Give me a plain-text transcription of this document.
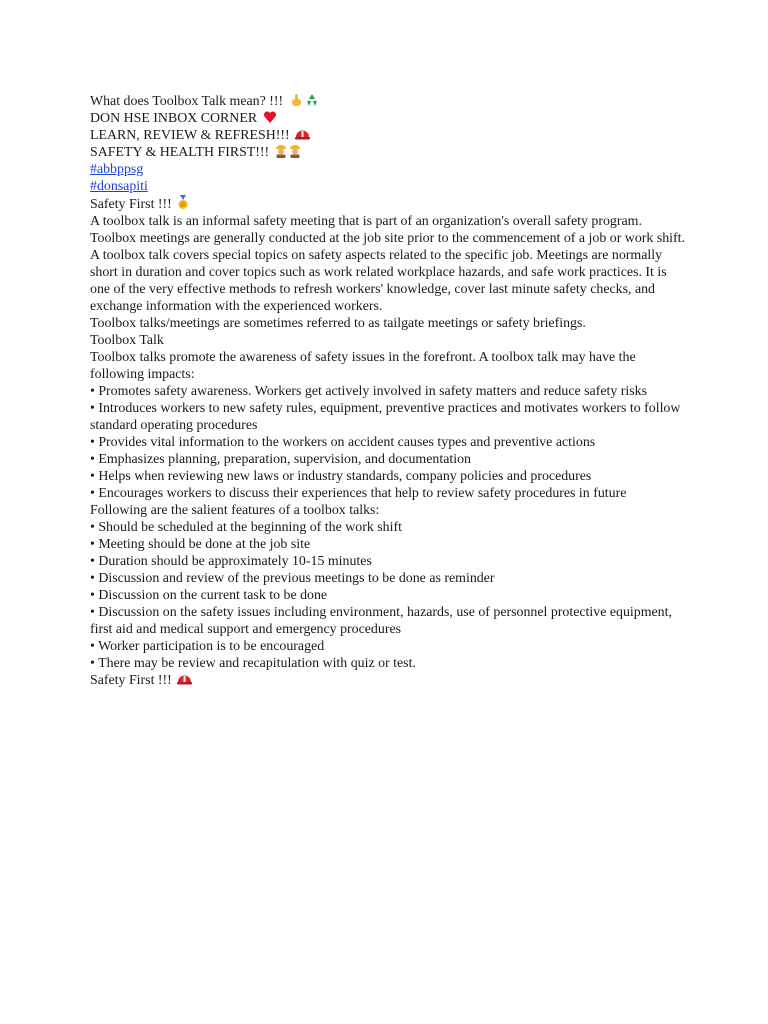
What does Toolbox Talk mean? !!!
DON HSE INBOX CORNER
LEARN, REVIEW & REFRESH!!!
SAFETY & HEALTH FIRST!!!
#abbppsg
#donsapiti
Safety First !!!
A toolbox talk is an informal safety meeting that is part of an organization's overall safety program. Toolbox meetings are generally conducted at the job site prior to the commencement of a job or work shift. A toolbox talk covers special topics on safety aspects related to the specific job. Meetings are normally short in duration and cover topics such as work related workplace hazards, and safe work practices. It is one of the very effective methods to refresh workers' knowledge, cover last minute safety checks, and exchange information with the experienced workers.
Toolbox talks/meetings are sometimes referred to as tailgate meetings or safety briefings.
Toolbox Talk
Toolbox talks promote the awareness of safety issues in the forefront. A toolbox talk may have the following impacts:
• Promotes safety awareness. Workers get actively involved in safety matters and reduce safety risks
• Introduces workers to new safety rules, equipment, preventive practices and motivates workers to follow standard operating procedures
• Provides vital information to the workers on accident causes types and preventive actions
• Emphasizes planning, preparation, supervision, and documentation
• Helps when reviewing new laws or industry standards, company policies and procedures
• Encourages workers to discuss their experiences that help to review safety procedures in future
Following are the salient features of a toolbox talks:
• Should be scheduled at the beginning of the work shift
• Meeting should be done at the job site
• Duration should be approximately 10-15 minutes
• Discussion and review of the previous meetings to be done as reminder
• Discussion on the current task to be done
• Discussion on the safety issues including environment, hazards, use of personnel protective equipment, first aid and medical support and emergency procedures
• Worker participation is to be encouraged
• There may be review and recapitulation with quiz or test.
Safety First !!!
